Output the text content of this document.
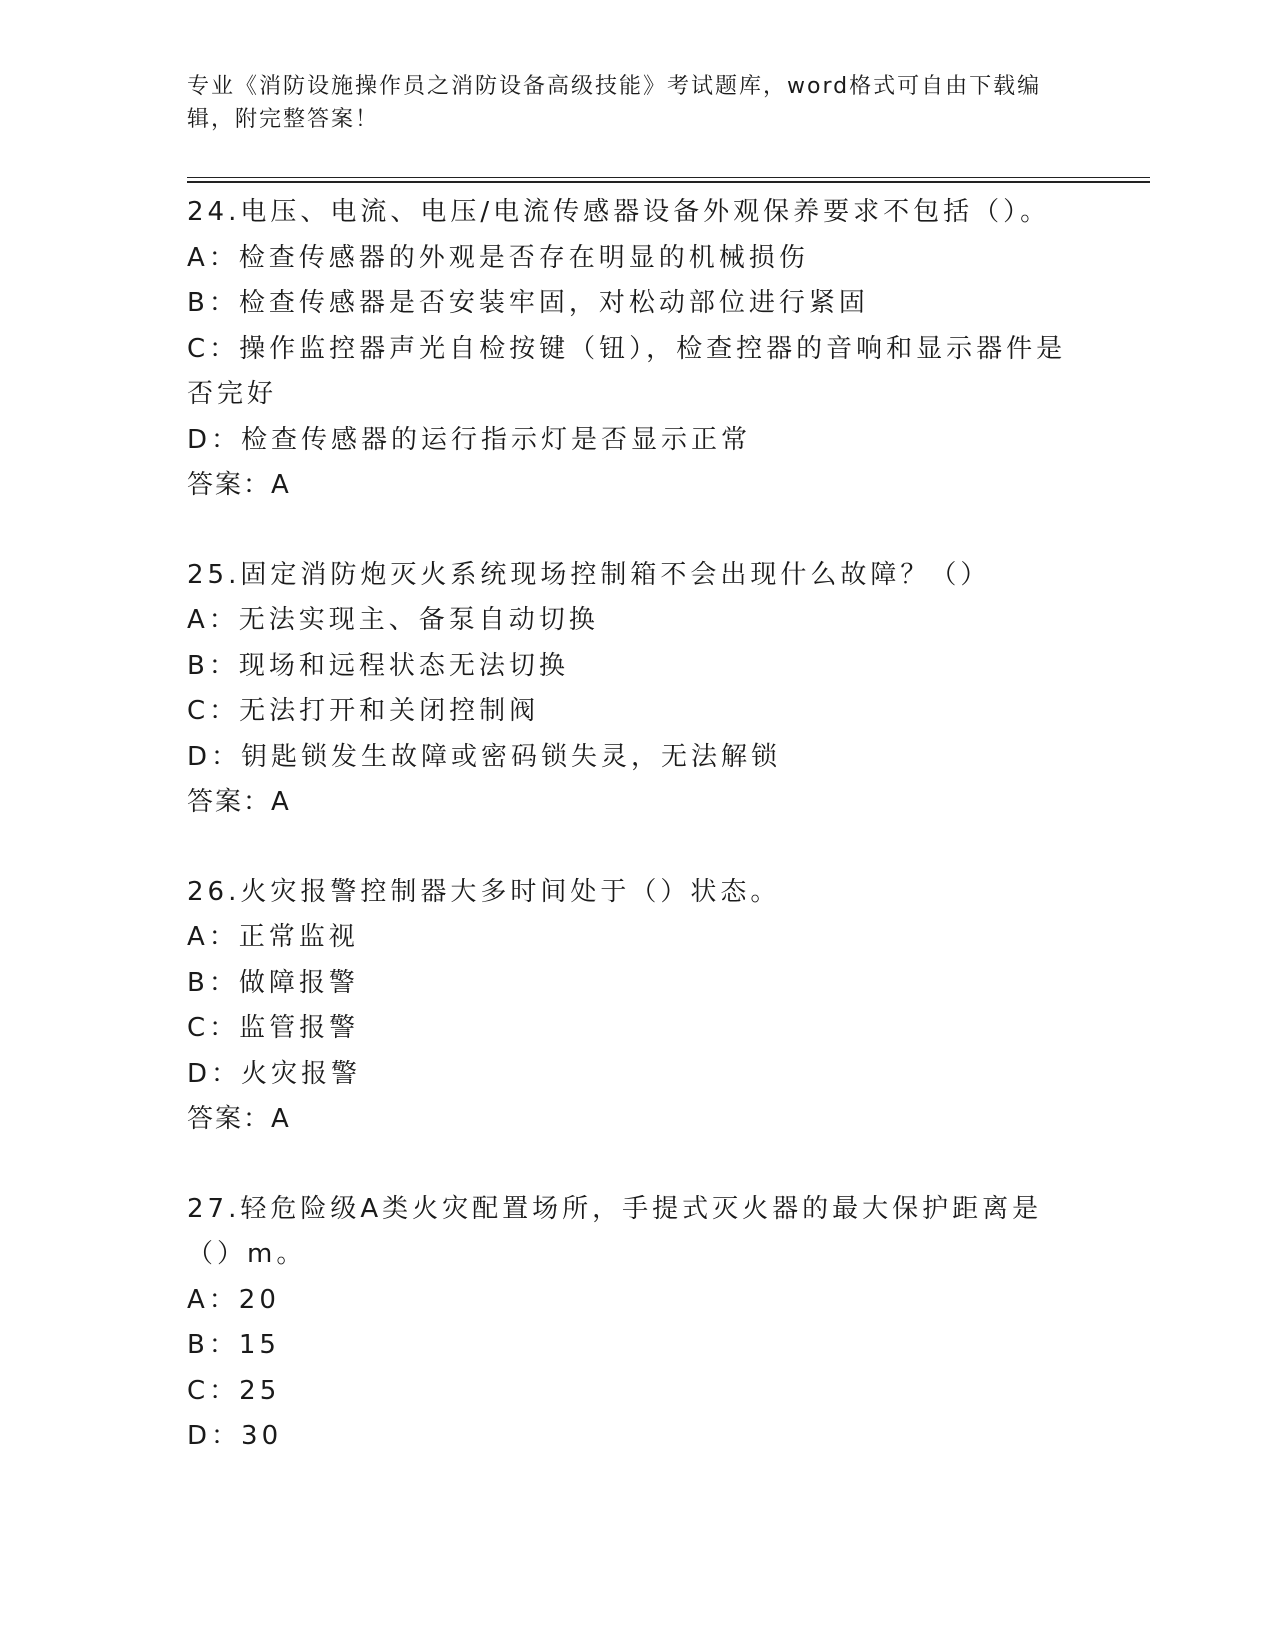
专业《消防设施操作员之消防设备高级技能》考试题库，word格式可自由下载编辑，附完整答案！
24.电压、电流、电压/电流传感器设备外观保养要求不包括（）。
A：检查传感器的外观是否存在明显的机械损伤
B：检查传感器是否安装牢固，对松动部位进行紧固
C：操作监控器声光自检按键（钮），检查控器的音响和显示器件是否完好
D：检查传感器的运行指示灯是否显示正常
答案：A
25.固定消防炮灭火系统现场控制箱不会出现什么故障？（）
A：无法实现主、备泵自动切换
B：现场和远程状态无法切换
C：无法打开和关闭控制阀
D：钥匙锁发生故障或密码锁失灵，无法解锁
答案：A
26.火灾报警控制器大多时间处于（）状态。
A：正常监视
B：做障报警
C：监管报警
D：火灾报警
答案：A
27.轻危险级A类火灾配置场所，手提式灭火器的最大保护距离是（）m。
A：20
B：15
C：25
D：30
